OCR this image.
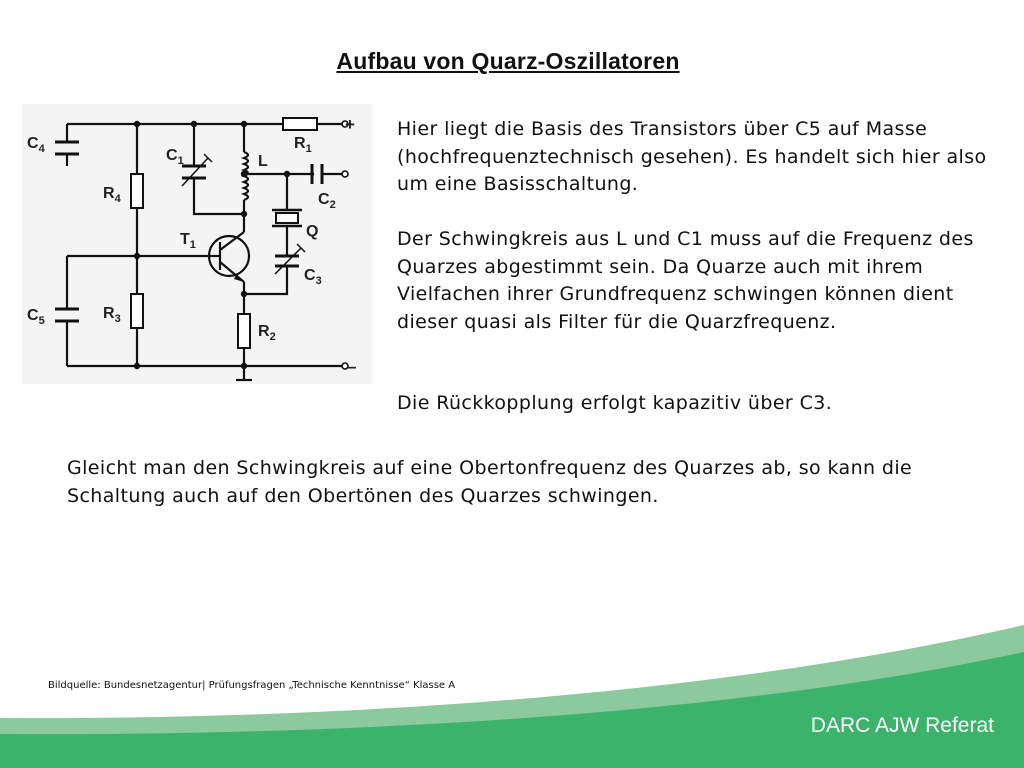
Aufbau von Quarz-Oszillatoren
$C_4$	$C_1$	L
$R_1$
+
$C_2$
$R_4$
Q
$T_1$
$C_3$
$C_5$	$R_3$
$R_2$
–

Hier liegt die Basis des Transistors über C5 auf Masse (hochfrequenztechnisch gesehen). Es handelt sich hier also um eine Basisschaltung.

Der Schwingkreis aus L und C1 muss auf die Frequenz des Quarzes abgestimmt sein. Da Quarze auch mit ihrem Vielfachen ihrer Grundfrequenz schwingen können dient dieser quasi als Filter für die Quarzfrequenz.

Die Rückkopplung erfolgt kapazitiv über C3.

Gleicht man den Schwingkreis auf eine Obertonfrequenz des Quarzes ab, so kann die Schaltung auch auf den Obertönen des Quarzes schwingen.

Bildquelle: Bundesnetzagentur| Prüfungsfragen „Technische Kenntnisse“ Klasse A
DARC AJW Referat
